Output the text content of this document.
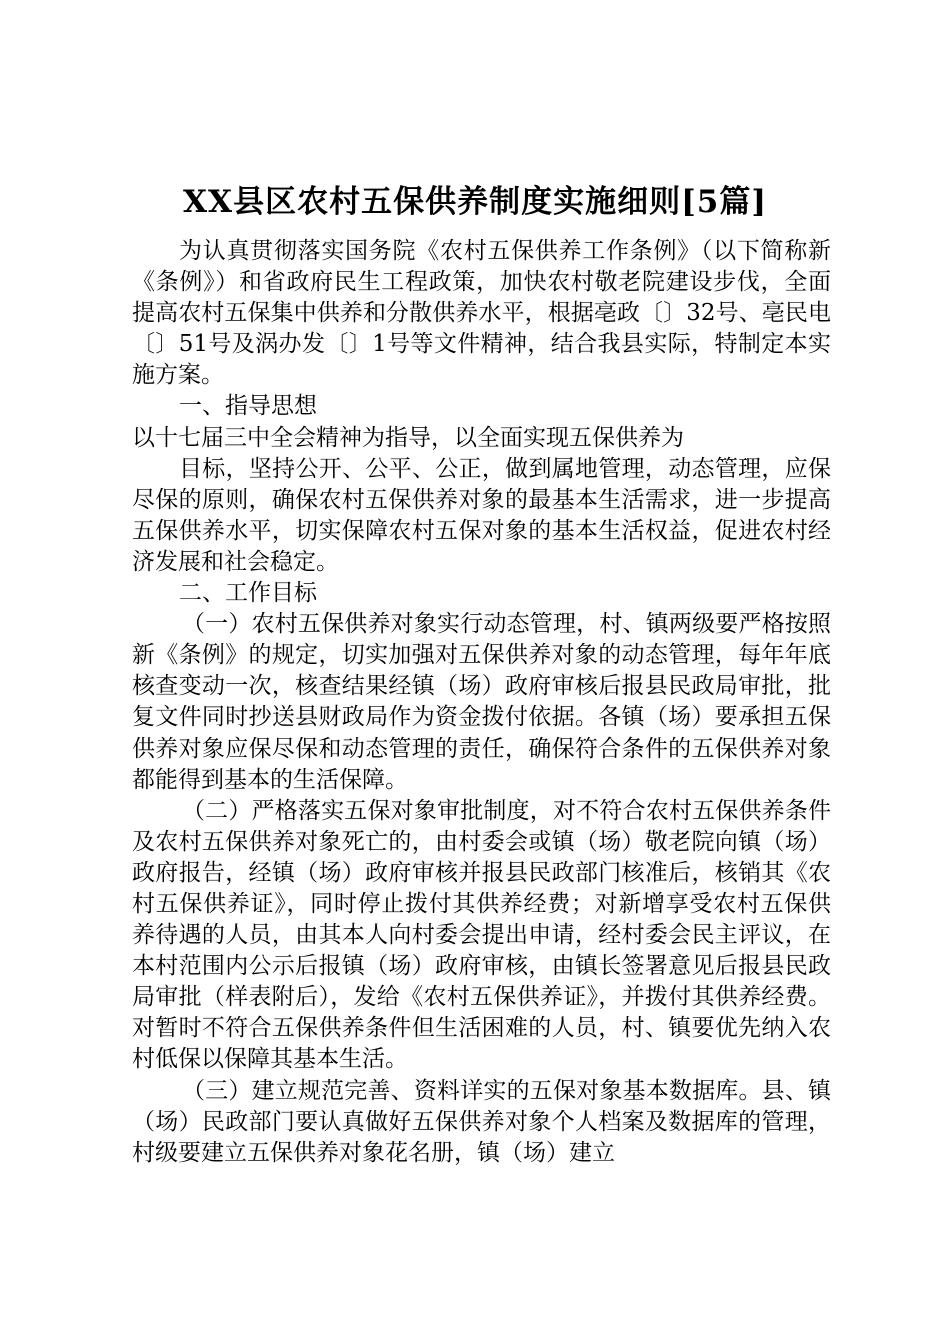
XX县区农村五保供养制度实施细则[5篇]

为认真贯彻落实国务院《农村五保供养工作条例》（以下简称新《条例》）和省政府民生工程政策，加快农村敬老院建设步伐，全面提高农村五保集中供养和分散供养水平，根据亳政〔〕32号、亳民电〔〕51号及涡办发〔〕1号等文件精神，结合我县实际，特制定本实施方案。

一、指导思想

以十七届三中全会精神为指导，以全面实现五保供养为

目标，坚持公开、公平、公正，做到属地管理，动态管理，应保尽保的原则，确保农村五保供养对象的最基本生活需求，进一步提高五保供养水平，切实保障农村五保对象的基本生活权益，促进农村经济发展和社会稳定。

二、工作目标

（一）农村五保供养对象实行动态管理，村、镇两级要严格按照新《条例》的规定，切实加强对五保供养对象的动态管理，每年年底核查变动一次，核查结果经镇（场）政府审核后报县民政局审批，批复文件同时抄送县财政局作为资金拨付依据。各镇（场）要承担五保供养对象应保尽保和动态管理的责任，确保符合条件的五保供养对象都能得到基本的生活保障。

（二）严格落实五保对象审批制度，对不符合农村五保供养条件及农村五保供养对象死亡的，由村委会或镇（场）敬老院向镇（场）政府报告，经镇（场）政府审核并报县民政部门核准后，核销其《农村五保供养证》，同时停止拨付其供养经费；对新增享受农村五保供养待遇的人员，由其本人向村委会提出申请，经村委会民主评议，在本村范围内公示后报镇（场）政府审核，由镇长签署意见后报县民政局审批（样表附后），发给《农村五保供养证》，并拨付其供养经费。对暂时不符合五保供养条件但生活困难的人员，村、镇要优先纳入农村低保以保障其基本生活。

（三）建立规范完善、资料详实的五保对象基本数据库。县、镇（场）民政部门要认真做好五保供养对象个人档案及数据库的管理，村级要建立五保供养对象花名册，镇（场）建立
